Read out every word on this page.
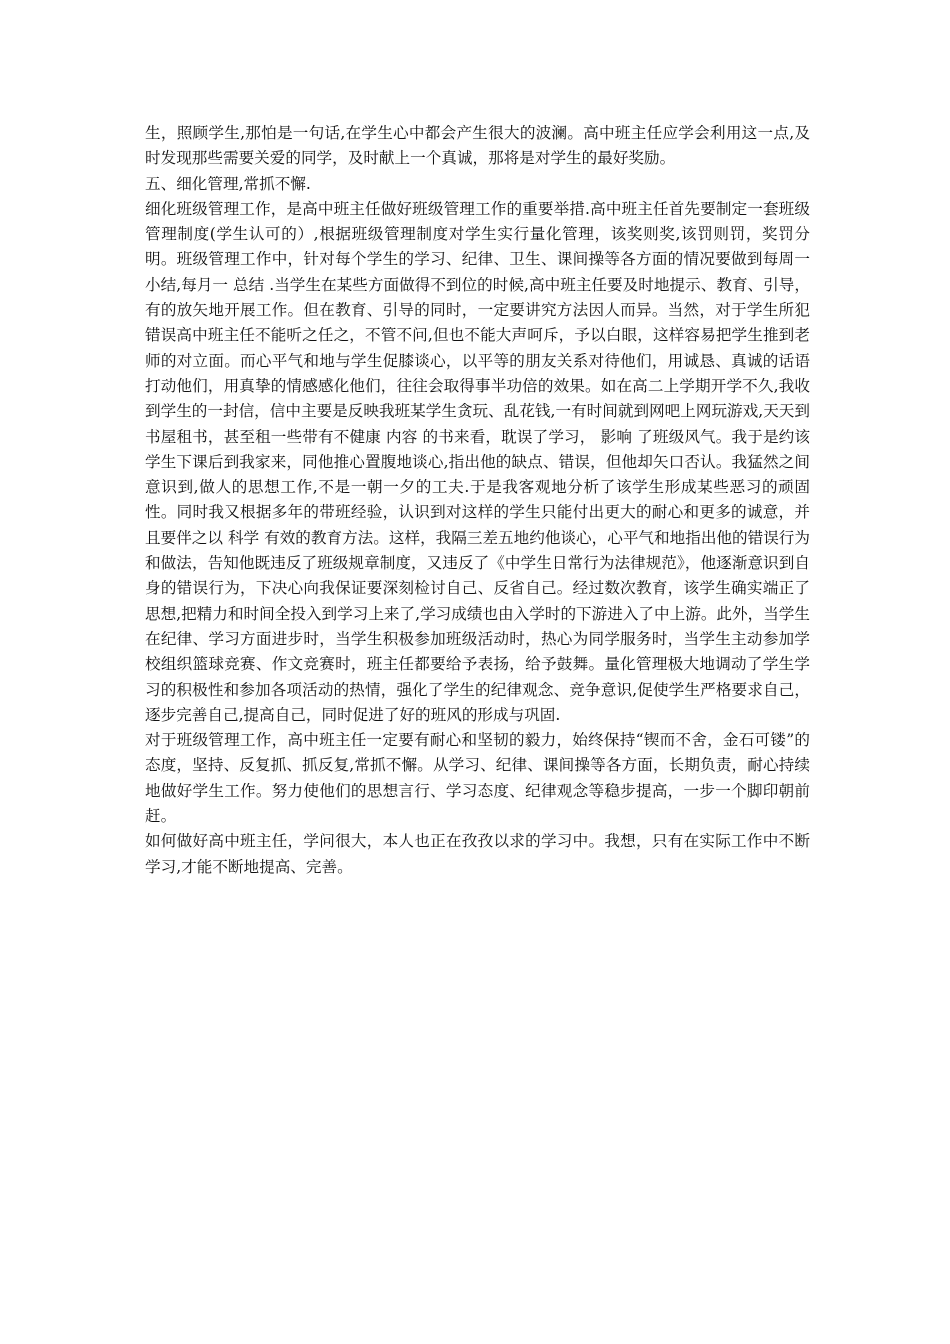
生，照顾学生,那怕是一句话,在学生心中都会产生很大的波澜。高中班主任应学会利用这一点,及时发现那些需要关爱的同学，及时献上一个真诚，那将是对学生的最好奖励。

五、细化管理,常抓不懈.

细化班级管理工作，是高中班主任做好班级管理工作的重要举措.高中班主任首先要制定一套班级管理制度(学生认可的）,根据班级管理制度对学生实行量化管理，该奖则奖,该罚则罚，奖罚分明。班级管理工作中，针对每个学生的学习、纪律、卫生、课间操等各方面的情况要做到每周一小结,每月一 总结 .当学生在某些方面做得不到位的时候,高中班主任要及时地提示、教育、引导，有的放矢地开展工作。但在教育、引导的同时，一定要讲究方法因人而异。当然，对于学生所犯错误高中班主任不能听之任之，不管不问,但也不能大声呵斥，予以白眼，这样容易把学生推到老师的对立面。而心平气和地与学生促膝谈心，以平等的朋友关系对待他们，用诚恳、真诚的话语打动他们，用真挚的情感感化他们，往往会取得事半功倍的效果。如在高二上学期开学不久,我收到学生的一封信，信中主要是反映我班某学生贪玩、乱花钱,一有时间就到网吧上网玩游戏,天天到书屋租书，甚至租一些带有不健康 内容 的书来看，耽误了学习， 影响 了班级风气。我于是约该学生下课后到我家来，同他推心置腹地谈心,指出他的缺点、错误，但他却矢口否认。我猛然之间意识到,做人的思想工作,不是一朝一夕的工夫.于是我客观地分析了该学生形成某些恶习的顽固性。同时我又根据多年的带班经验，认识到对这样的学生只能付出更大的耐心和更多的诚意，并且要伴之以 科学 有效的教育方法。这样，我隔三差五地约他谈心，心平气和地指出他的错误行为和做法，告知他既违反了班级规章制度，又违反了《中学生日常行为法律规范》，他逐渐意识到自身的错误行为，下决心向我保证要深刻检讨自己、反省自己。经过数次教育，该学生确实端正了思想,把精力和时间全投入到学习上来了,学习成绩也由入学时的下游进入了中上游。此外，当学生在纪律、学习方面进步时，当学生积极参加班级活动时，热心为同学服务时，当学生主动参加学校组织篮球竞赛、作文竞赛时，班主任都要给予表扬，给予鼓舞。量化管理极大地调动了学生学习的积极性和参加各项活动的热情，强化了学生的纪律观念、竞争意识,促使学生严格要求自己，逐步完善自己,提高自己，同时促进了好的班风的形成与巩固.

对于班级管理工作，高中班主任一定要有耐心和坚韧的毅力，始终保持“锲而不舍，金石可镂”的态度，坚持、反复抓、抓反复,常抓不懈。从学习、纪律、课间操等各方面，长期负责，耐心持续地做好学生工作。努力使他们的思想言行、学习态度、纪律观念等稳步提高，一步一个脚印朝前赶。

如何做好高中班主任，学问很大，本人也正在孜孜以求的学习中。我想，只有在实际工作中不断学习,才能不断地提高、完善。
